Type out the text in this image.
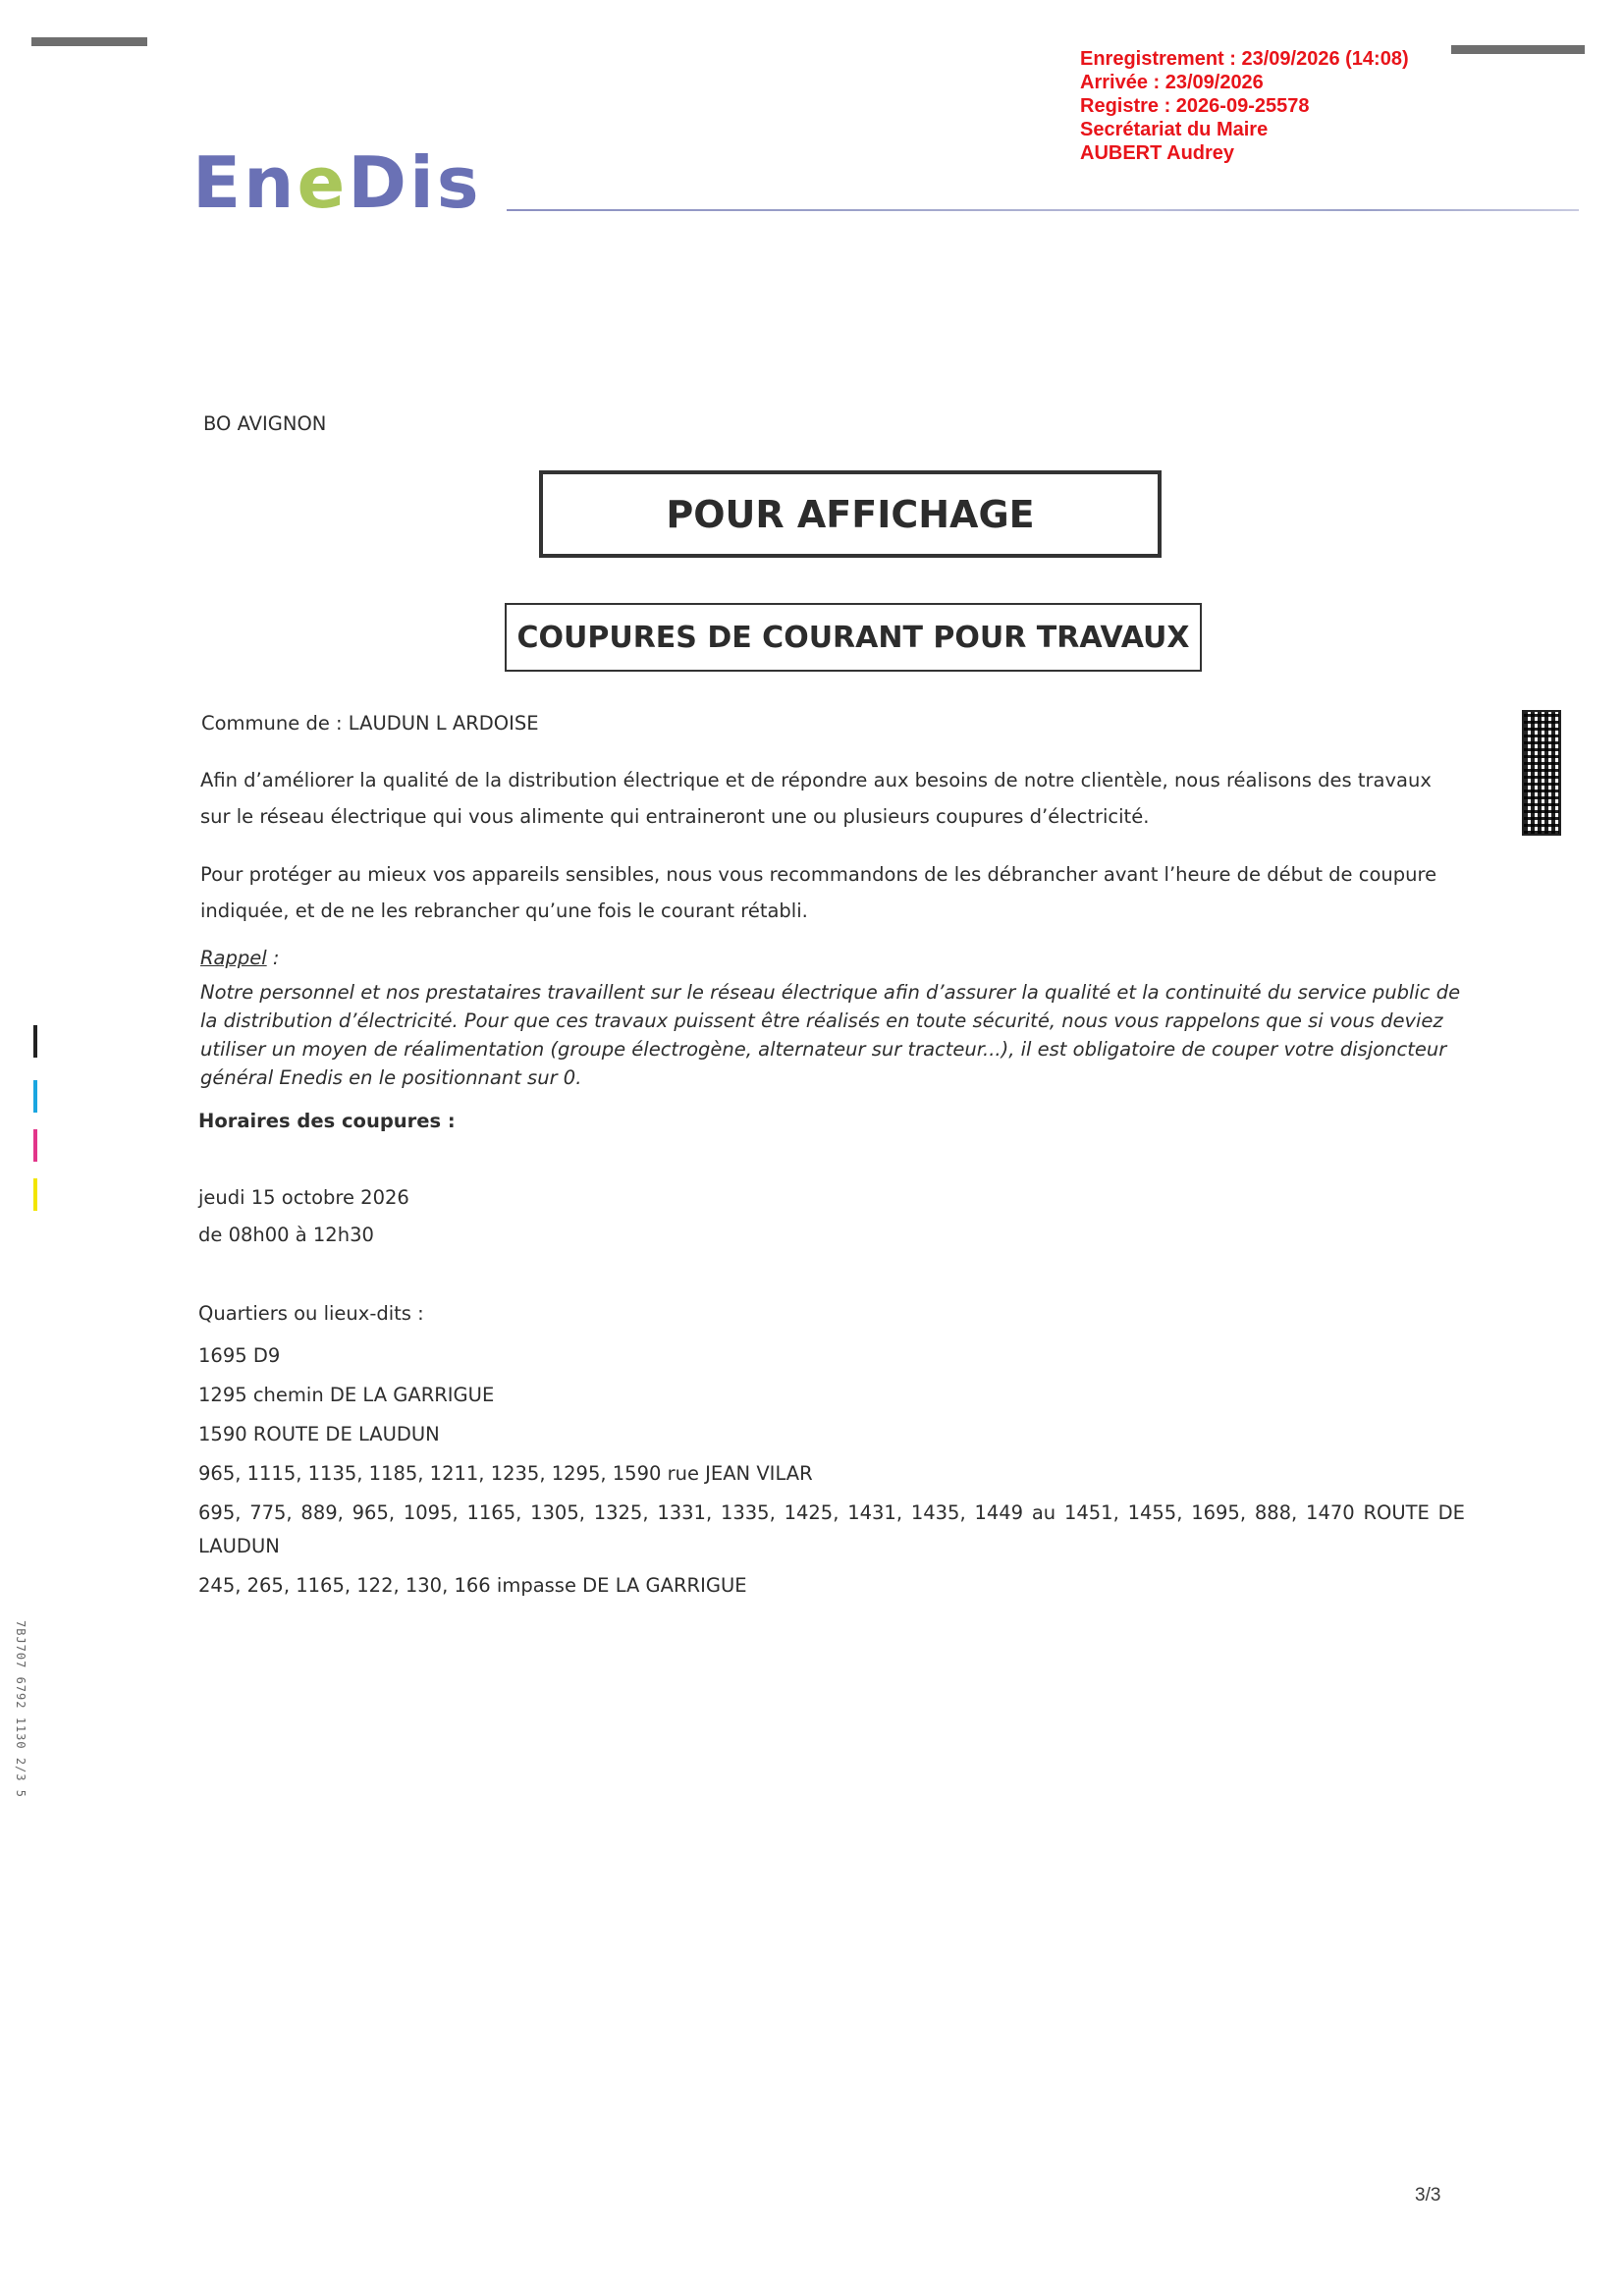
Enregistrement : 23/09/2026 (14:08)
Arrivée : 23/09/2026
Registre : 2026-09-25578
Secrétariat du Maire
AUBERT Audrey
EneDis
BO AVIGNON
POUR AFFICHAGE
COUPURES DE COURANT POUR TRAVAUX
Commune de : LAUDUN L ARDOISE
Afin d’améliorer la qualité de la distribution électrique et de répondre aux besoins de notre clientèle, nous réalisons des travaux sur le réseau électrique qui vous alimente qui entraineront une ou plusieurs coupures d’électricité.
Pour protéger au mieux vos appareils sensibles, nous vous recommandons de les débrancher avant l’heure de début de coupure indiquée, et de ne les rebrancher qu’une fois le courant rétabli.
Rappel :
Notre personnel et nos prestataires travaillent sur le réseau électrique afin d’assurer la qualité et la continuité du service public de la distribution d’électricité. Pour que ces travaux puissent être réalisés en toute sécurité, nous vous rappelons que si vous deviez utiliser un moyen de réalimentation (groupe électrogène, alternateur sur tracteur...), il est obligatoire de couper votre disjoncteur général Enedis en le positionnant sur 0.
Horaires des coupures :
jeudi 15 octobre 2026
de 08h00 à 12h30
Quartiers ou lieux-dits :
1695 D9
1295 chemin DE LA GARRIGUE
1590 ROUTE DE LAUDUN
965, 1115, 1135, 1185, 1211, 1235, 1295, 1590 rue JEAN VILAR
695, 775, 889, 965, 1095, 1165, 1305, 1325, 1331, 1335, 1425, 1431, 1435, 1449 au 1451, 1455, 1695, 888, 1470 ROUTE DE LAUDUN
245, 265, 1165, 122, 130, 166 impasse DE LA GARRIGUE
7BJ707 6792 1130 2/3 5
3/3
